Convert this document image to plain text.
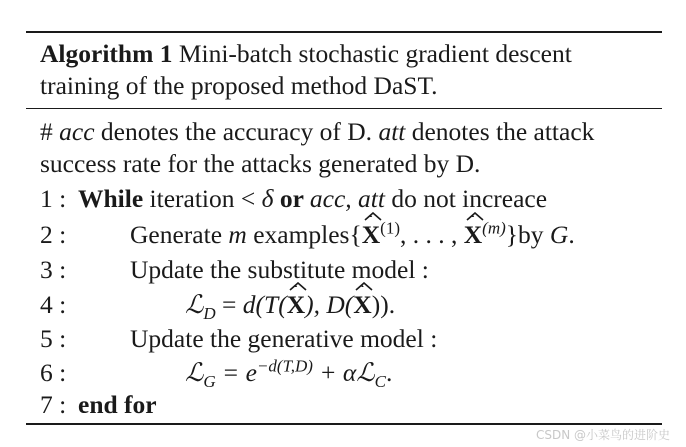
Algorithm 1 Mini-batch stochastic gradient descent
training of the proposed method DaST.
# acc denotes the accuracy of D. att denotes the attack
success rate for the attacks generated by D.
1 : While iteration < δ or acc, att do not increace
2 :	Generate m examples{
$X^{(1)}$, . . . ,
$X^{(m)}\}by$ G.
3 :	Update the substitute model :
4 :	ℒ$_D$ = d(T(
X), D(
X)).
5 :	Update the generative model :
6 :	ℒ$_G$ = $e^{-d(T,D)}$ + αℒ$_C$.
7 : end for
CSDN @小菜鸟的进阶史
